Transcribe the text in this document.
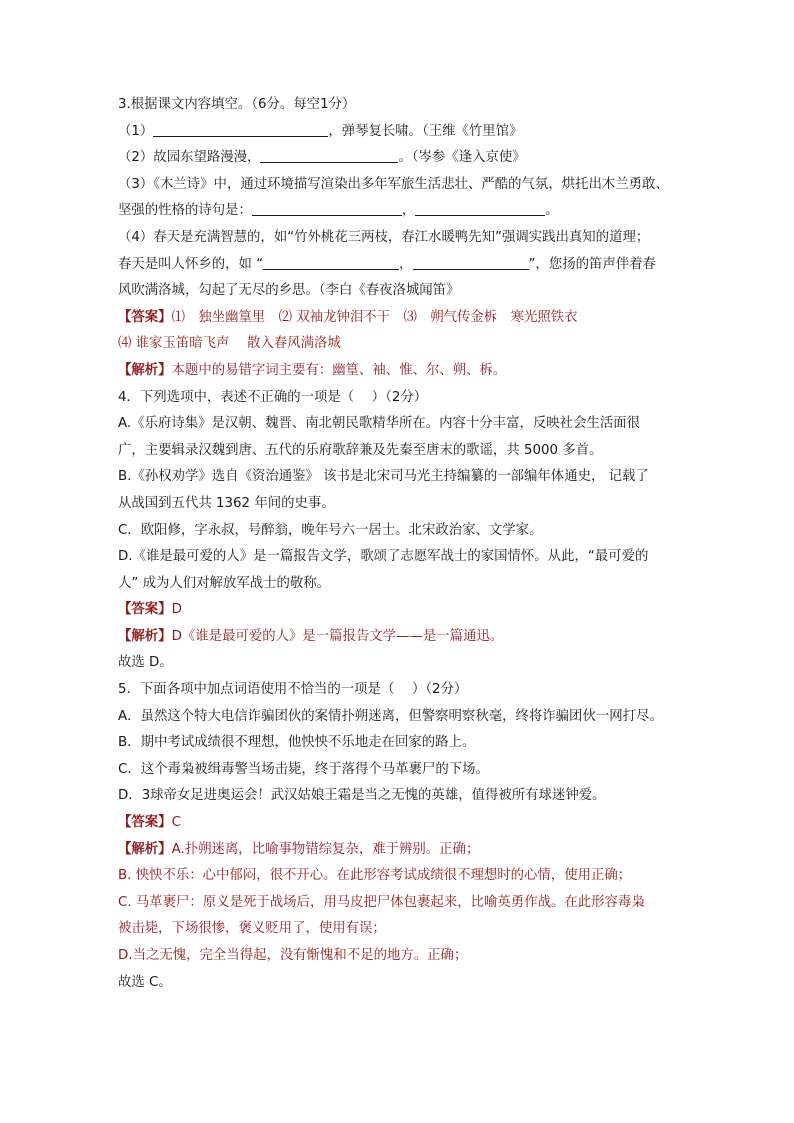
3.根据课文内容填空。（6分。每空1分）
（1）	，弹琴复长啸。（王维《竹里馆》
（2）故园东望路漫漫，	。（岑参《逢入京使》
（3）《木兰诗》中，通过环境描写渲染出多年军旅生活悲壮、严酷的气氛，烘托出木兰勇敢、
坚强的性格的诗句是：	，	。
（4）春天是充满智慧的，如“竹外桃花三两枝，春江水暖鸭先知”强调实践出真知的道理；
春天是叫人怀乡的，如 “	，	”，您扬的笛声伴着春
风吹满洛城，勾起了无尽的乡思。（李白《春夜洛城闻笛》
【答案】⑴　独坐幽篁里　⑵ 双袖龙钟泪不干　⑶　朔气传金柝　寒光照铁衣
⑷ 谁家玉笛暗飞声　 散入春风满洛城
【解析】本题中的易错字词主要有：幽篁、袖、惟、尔、朔、柝。
4．下列选项中，表述不正确的一项是（　 ）（2分）
A.《乐府诗集》是汉朝、魏晋、南北朝民歌精华所在。内容十分丰富，反映社会生活面很
广，主要辑录汉魏到唐、五代的乐府歌辞兼及先秦至唐末的歌谣，共 5000 多首。
B.《孙权劝学》选自《资治通鉴》 该书是北宋司马光主持编纂的一部编年体通史， 记载了
从战国到五代共 1362 年间的史事。
C．欧阳修，字永叔，号醉翁，晚年号六一居士。北宋政治家、文学家。
D.《谁是最可爱的人》是一篇报告文学，歌颂了志愿军战士的家国情怀。从此，“最可爱的
人” 成为人们对解放军战士的敬称。
【答案】D
【解析】D《谁是最可爱的人》是一篇报告文学——是一篇通迅。
故选 D。
5．下面各项中加点词语使用不恰当的一项是（　 ）（2分）
A．虽然这个特大电信诈骗团伙的案情扑朔迷离，但警察明察秋毫，终将诈骗团伙一网打尽。
B．期中考试成绩很不理想，他怏怏不乐地走在回家的路上。
C．这个毒枭被缉毒警当场击毙，终于落得个马革裹尸的下场。
D．3球帝女足进奥运会！武汉姑娘王霜是当之无愧的英雄，值得被所有球迷钟爱。
【答案】C
【解析】A.扑朔迷离，比喻事物错综复杂，难于辨别。正确；
B. 怏怏不乐：心中郁闷，很不开心。在此形容考试成绩很不理想时的心情，使用正确；
C. 马革裹尸：原义是死于战场后，用马皮把尸体包裹起来，比喻英勇作战。在此形容毒枭
被击毙，下场很惨，褒义贬用了，使用有误；
D.当之无愧，完全当得起，没有惭愧和不足的地方。正确；
故选 C。
